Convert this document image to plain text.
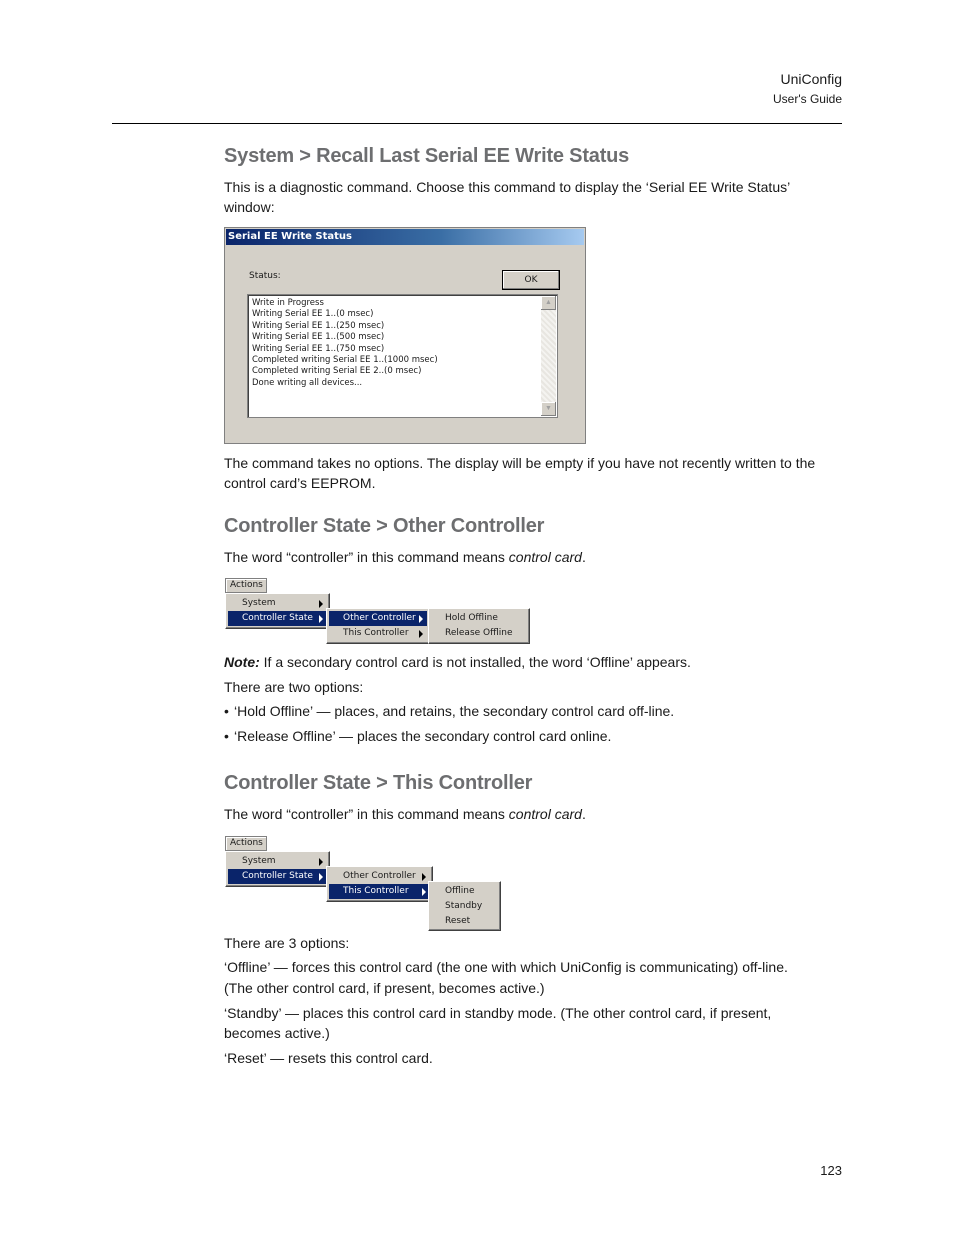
UniConfig
User's Guide
System > Recall Last Serial EE Write Status
This is a diagnostic command. Choose this command to display the ‘Serial EE Write Status’
window:
Serial EE Write Status
Status:	OK
Write in Progress
Writing Serial EE 1..(0 msec)
Writing Serial EE 1..(250 msec)
Writing Serial EE 1..(500 msec)
Writing Serial EE 1..(750 msec)
Completed writing Serial EE 1..(1000 msec)
Completed writing Serial EE 2..(0 msec)
Done writing all devices...
▲
▼
The command takes no options. The display will be empty if you have not recently written to the
control card’s EEPROM.
Controller State > Other Controller
The word “controller” in this command means control card.
Actions
System
Controller State	Other Controller
This Controller
Hold Offline
Release Offline
Note: If a secondary control card is not installed, the word ‘Offline’ appears.
There are two options:
• ‘Hold Offline’ — places, and retains, the secondary control card off-line.
• ‘Release Offline’ — places the secondary control card online.
Controller State > This Controller
The word “controller” in this command means control card.
Actions
System
Controller State	Other Controller
This Controller	Offline
Standby
Reset
There are 3 options:
‘Offline’ — forces this control card (the one with which UniConfig is communicating) off-line.
(The other control card, if present, becomes active.)
‘Standby’ — places this control card in standby mode. (The other control card, if present,
becomes active.)
‘Reset’ — resets this control card.
123
